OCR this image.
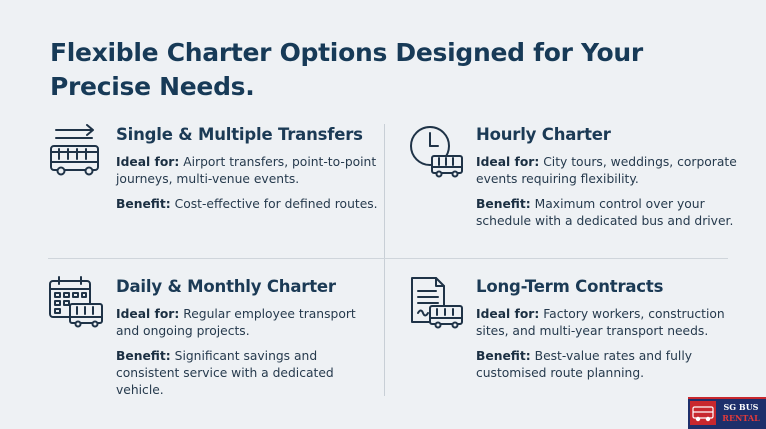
Flexible Charter Options Designed for Your Precise Needs.
Single & Multiple Transfers

Ideal for: Airport transfers, point-to-point journeys, multi-venue events.

Benefit: Cost-effective for defined routes.

Hourly Charter

Ideal for: City tours, weddings, corporate events requiring flexibility.

Benefit: Maximum control over your schedule with a dedicated bus and driver.

Daily & Monthly Charter

Ideal for: Regular employee transport and ongoing projects.

Benefit: Significant savings and consistent service with a dedicated vehicle.

Long-Term Contracts

Ideal for: Factory workers, construction sites, and multi-year transport needs.

Benefit: Best-value rates and fully customised route planning.

SG BUS
RENTAL
